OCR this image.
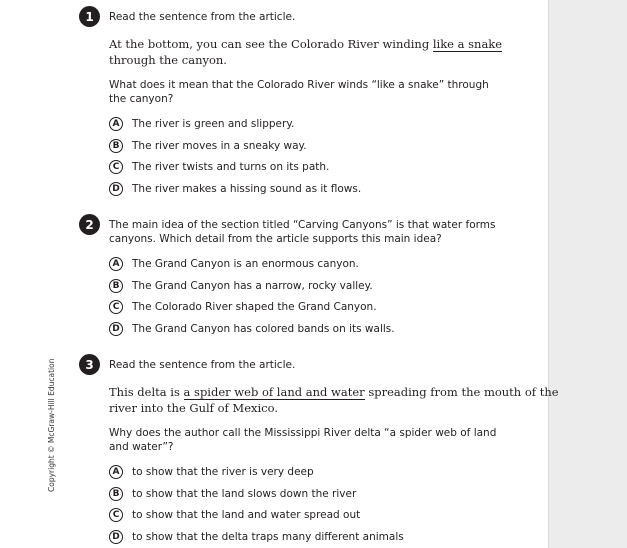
Copyright © McGraw-Hill Education
1	Read the sentence from the article.
At the bottom, you can see the Colorado River winding like a snake
through the canyon.
What does it mean that the Colorado River winds “like a snake” through
the canyon?
A	The river is green and slippery.
B	The river moves in a sneaky way.
C	The river twists and turns on its path.
D	The river makes a hissing sound as it flows.
2	The main idea of the section titled “Carving Canyons” is that water forms
canyons. Which detail from the article supports this main idea?
A	The Grand Canyon is an enormous canyon.
B	The Grand Canyon has a narrow, rocky valley.
C	The Colorado River shaped the Grand Canyon.
D	The Grand Canyon has colored bands on its walls.
3	Read the sentence from the article.
This delta is a spider web of land and water spreading from the mouth of the
river into the Gulf of Mexico.
Why does the author call the Mississippi River delta “a spider web of land
and water”?
A	to show that the river is very deep
B	to show that the land slows down the river
C	to show that the land and water spread out
D	to show that the delta traps many different animals
